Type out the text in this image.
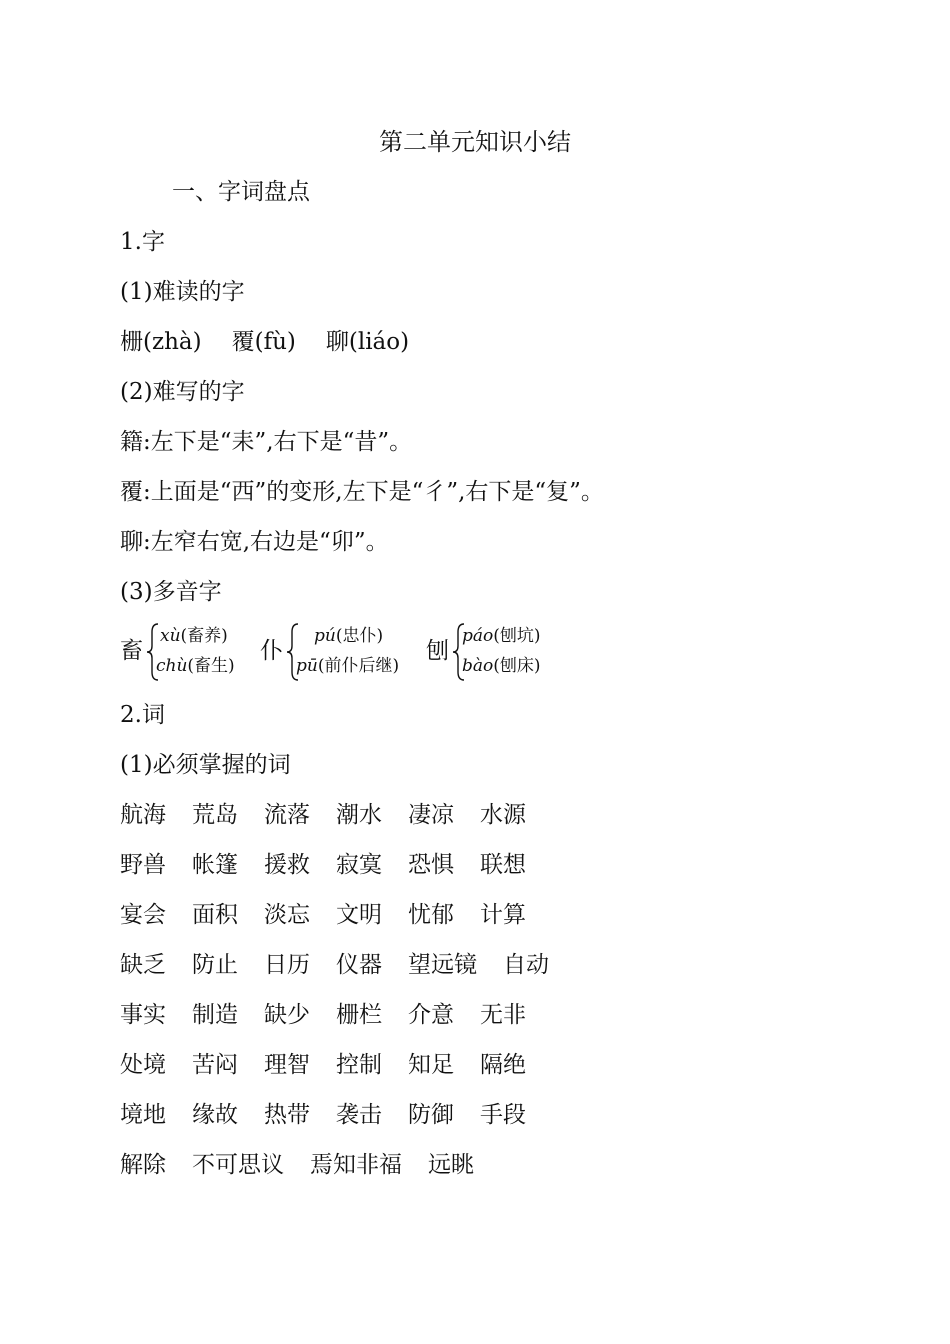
第二单元知识小结
一、字词盘点
1.字
(1)难读的字
栅(zhà) 覆(fù) 聊(liáo)
(2)难写的字
籍:左下是“耒”,右下是“昔”。
覆:上面是“西”的变形,左下是“彳”,右下是“复”。
聊:左窄右宽,右边是“卯”。
(3)多音字
畜
xù(畜养)
chù(畜生)
仆
pú(忠仆)
pū(前仆后继)
刨
páo(刨坑)
bào(刨床)
2.词
(1)必须掌握的词
航海 荒岛 流落 潮水 凄凉 水源
野兽 帐篷 援救 寂寞 恐惧 联想
宴会 面积 淡忘 文明 忧郁 计算
缺乏 防止 日历 仪器 望远镜 自动
事实 制造 缺少 栅栏 介意 无非
处境 苦闷 理智 控制 知足 隔绝
境地 缘故 热带 袭击 防御 手段
解除 不可思议 焉知非福 远眺
